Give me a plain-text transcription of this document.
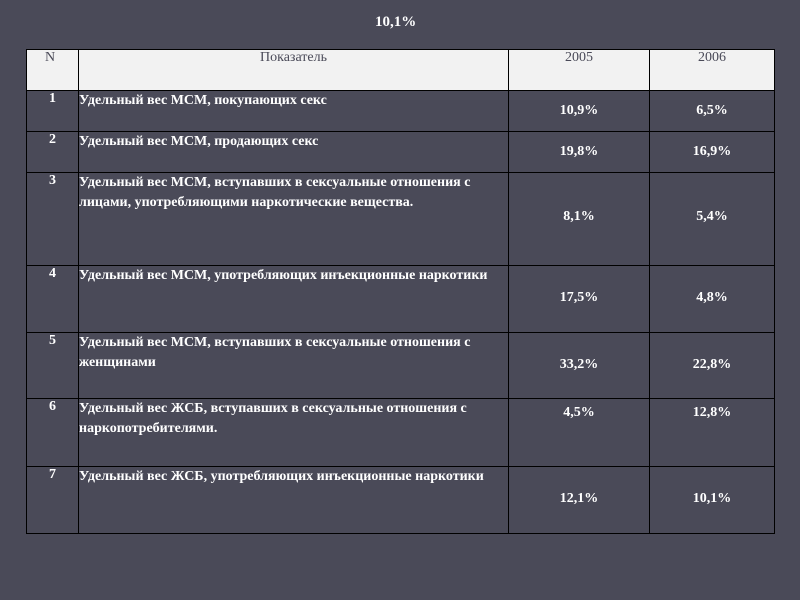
10,1%
N	Показатель	2005	2006
1	Удельный вес МСМ, покупающих секс	10,9%	6,5%
2	Удельный вес МСМ, продающих секс	19,8%	16,9%
3	Удельный вес МСМ, вступавших в сексуальные отношения с лицами, употребляющими наркотические вещества.	8,1%	5,4%
4	Удельный вес МСМ, употребляющих инъекционные наркотики	17,5%	4,8%
5	Удельный вес МСМ, вступавших в сексуальные отношения с женщинами	33,2%	22,8%
6	Удельный вес ЖСБ, вступавших в сексуальные отношения с наркопотребителями.	4,5%	12,8%
7	Удельный вес ЖСБ, употребляющих инъекционные наркотики	12,1%	10,1%
